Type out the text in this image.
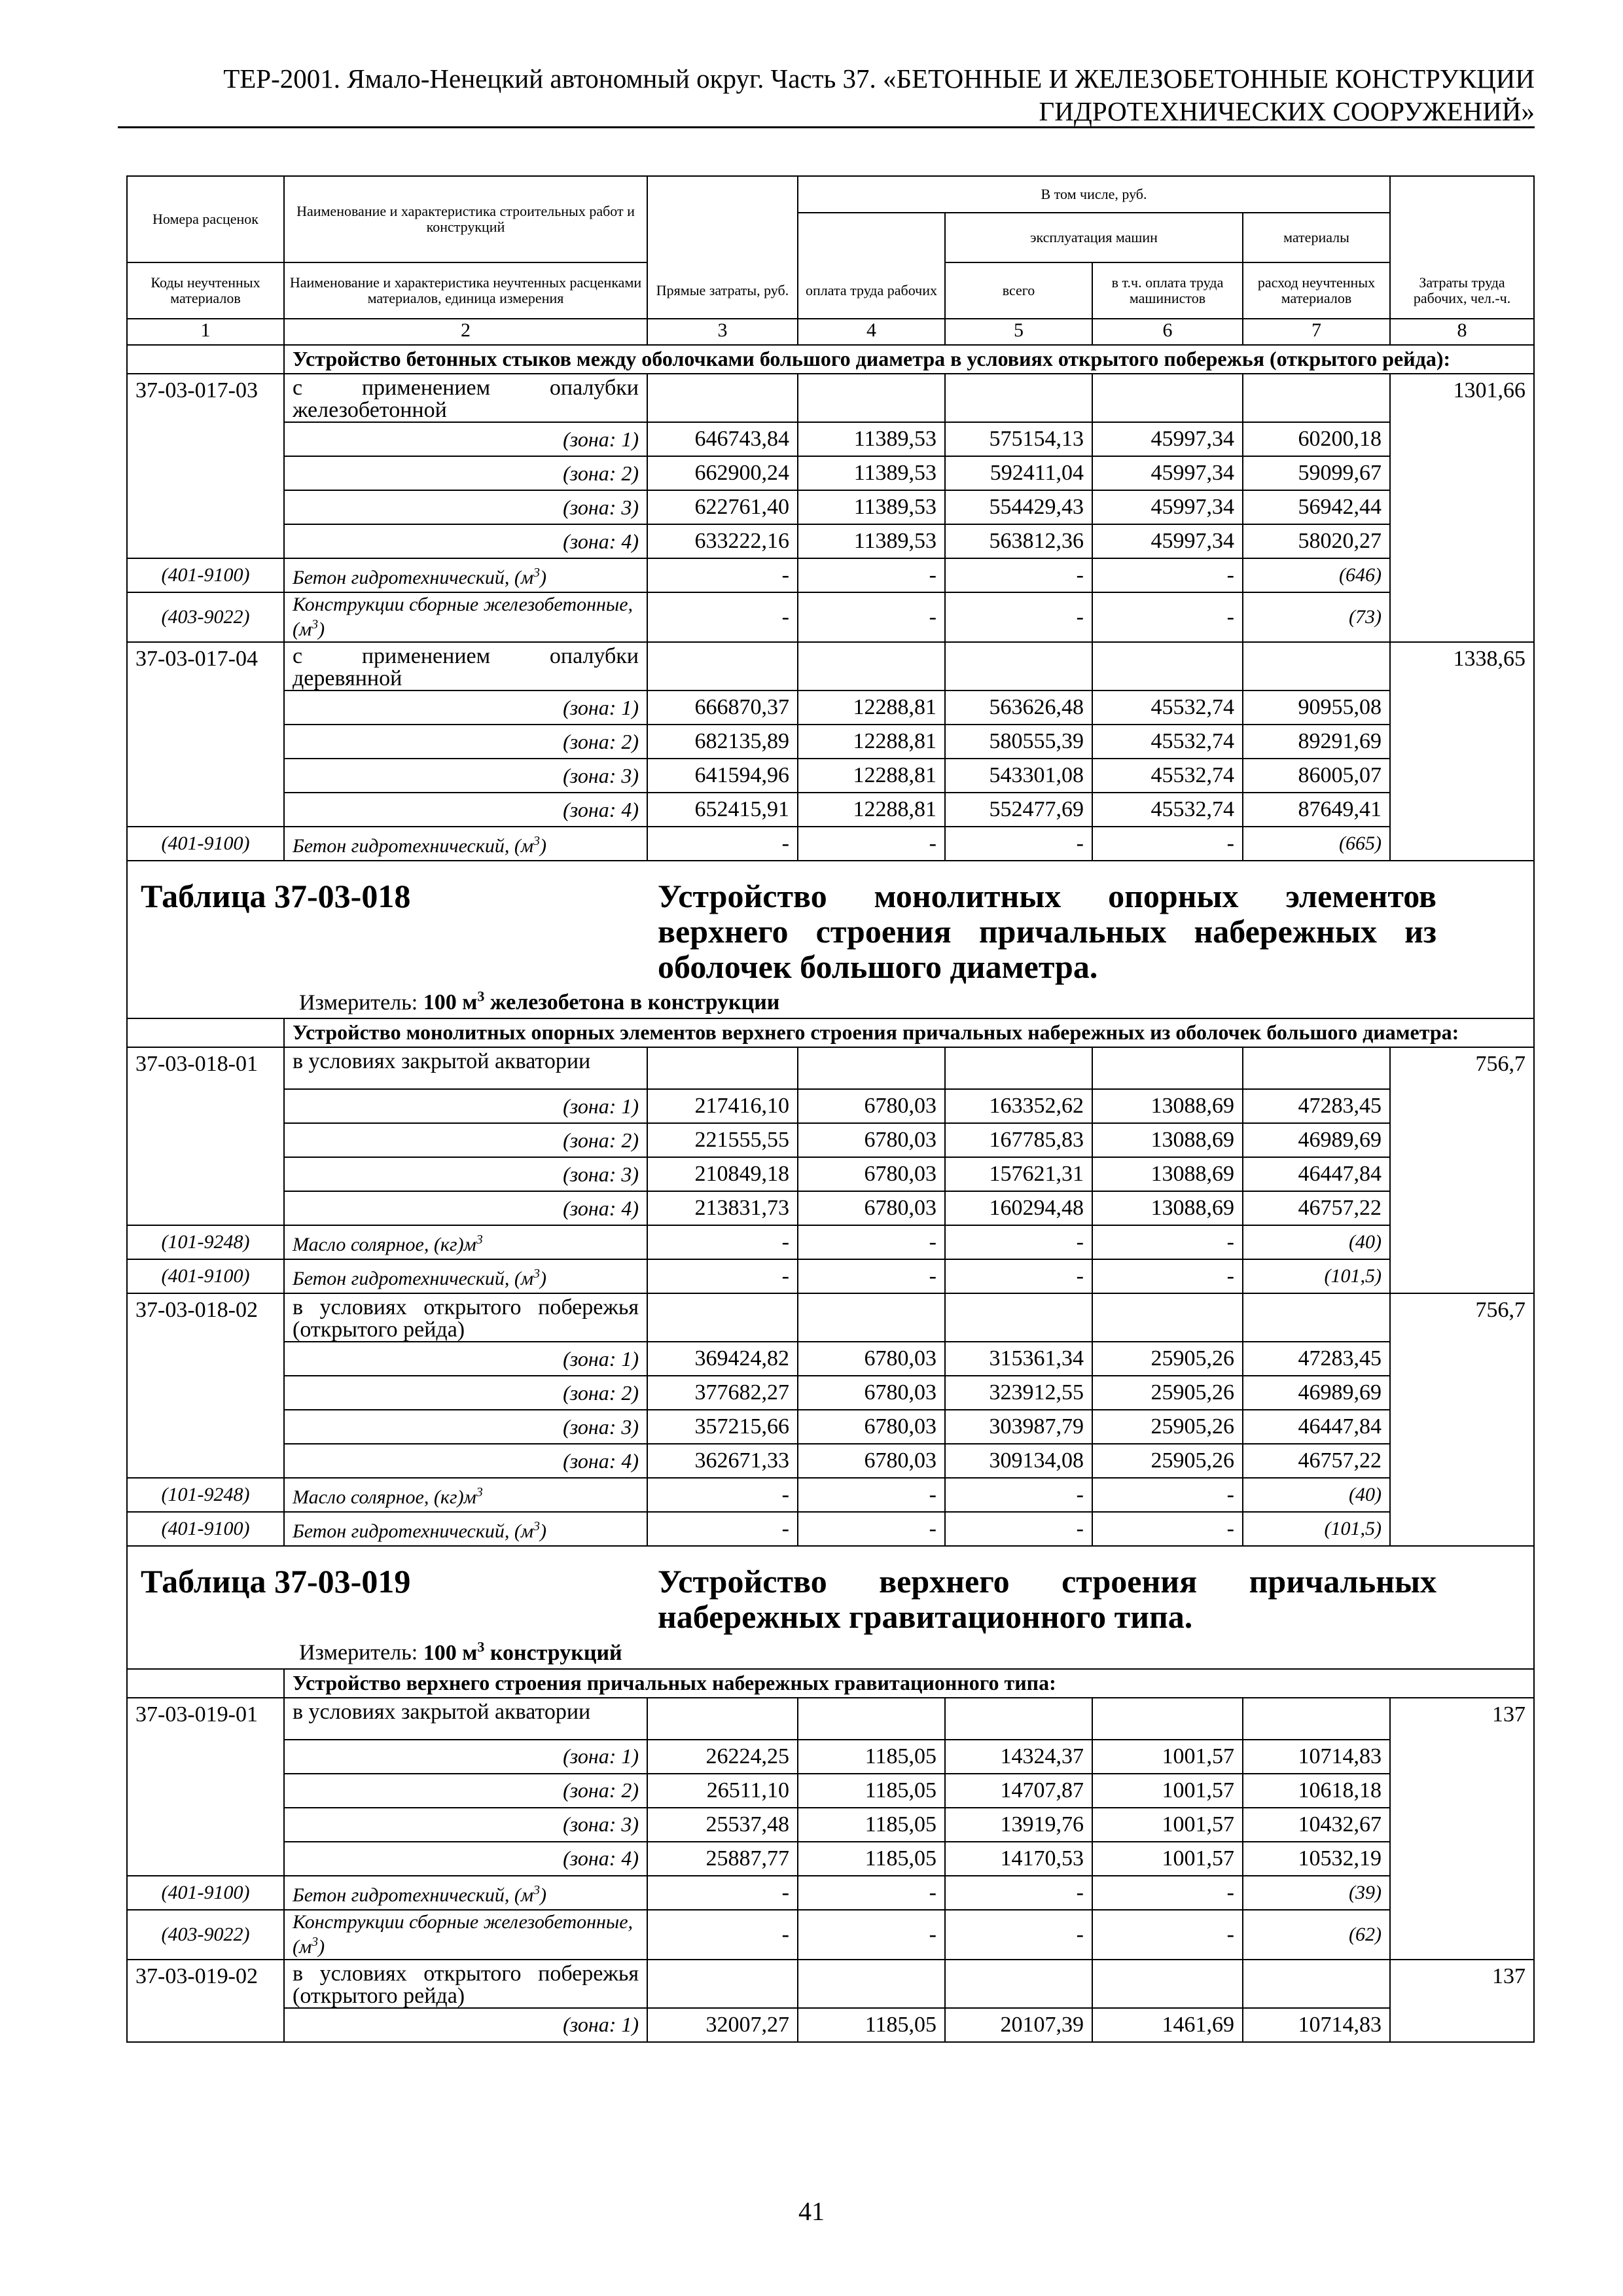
ТЕР-2001. Ямало-Ненецкий автономный округ. Часть 37. «БЕТОННЫЕ И ЖЕЛЕЗОБЕТОННЫЕ КОНСТРУКЦИИ
ГИДРОТЕХНИЧЕСКИХ СООРУЖЕНИЙ»
Номера расценок	Наименование и характеристика строительных работ и конструкций		В том числе, руб.				
				эксплуатация машин		материалы	
Коды неучтенных материалов	Наименование и характеристика неучтенных расценками материалов, единица измерения	Прямые затраты, руб.	оплата труда рабочих	всего	в т.ч. оплата труда машинистов	расход неучтенных материалов	Затраты труда рабочих, чел.-ч.
1	2	3	4	5	6	7	8
	Устройство бетонных стыков между оболочками большого диаметра в условиях открытого побережья (открытого рейда):						
37-03-017-03	с применением опалубки железобетонной						1301,66
	(зона: 1)	646743,84	11389,53	575154,13	45997,34	60200,18	
	(зона: 2)	662900,24	11389,53	592411,04	45997,34	59099,67	
	(зона: 3)	622761,40	11389,53	554429,43	45997,34	56942,44	
	(зона: 4)	633222,16	11389,53	563812,36	45997,34	58020,27	
(401-9100)	Бетон гидротехнический, $(м^3)$	-	-	-	-	(646)	
(403-9022)	Конструкции сборные железобетонные, $(м^3)$	-	-	-	-	(73)	
37-03-017-04	с применением опалубки деревянной						1338,65
	(зона: 1)	666870,37	12288,81	563626,48	45532,74	90955,08	
	(зона: 2)	682135,89	12288,81	580555,39	45532,74	89291,69	
	(зона: 3)	641594,96	12288,81	543301,08	45532,74	86005,07	
	(зона: 4)	652415,91	12288,81	552477,69	45532,74	87649,41	
(401-9100)	Бетон гидротехнический, $(м^3)$	-	-	-	-	(665)	

Таблица 37-03-018 Устройство монолитных опорных элементов верхнего строения причальных набережных из оболочек большого диаметра.
Измеритель: 100 $м^3$ железобетона в конструкции							

	Устройство монолитных опорных элементов верхнего строения причальных набережных из оболочек большого диаметра:						
37-03-018-01	в условиях закрытой акватории						756,7
	(зона: 1)	217416,10	6780,03	163352,62	13088,69	47283,45	
	(зона: 2)	221555,55	6780,03	167785,83	13088,69	46989,69	
	(зона: 3)	210849,18	6780,03	157621,31	13088,69	46447,84	
	(зона: 4)	213831,73	6780,03	160294,48	13088,69	46757,22	
(101-9248)	Масло солярное, $(кг)м^3$	-	-	-	-	(40)	
(401-9100)	Бетон гидротехнический, $(м^3)$	-	-	-	-	(101,5)	
37-03-018-02	в условиях открытого побережья (открытого рейда)						756,7
	(зона: 1)	369424,82	6780,03	315361,34	25905,26	47283,45	
	(зона: 2)	377682,27	6780,03	323912,55	25905,26	46989,69	
	(зона: 3)	357215,66	6780,03	303987,79	25905,26	46447,84	
	(зона: 4)	362671,33	6780,03	309134,08	25905,26	46757,22	
(101-9248)	Масло солярное, $(кг)м^3$	-	-	-	-	(40)	
(401-9100)	Бетон гидротехнический, $(м^3)$	-	-	-	-	(101,5)	

Таблица 37-03-019 Устройство верхнего строения причальных набережных гравитационного типа.
Измеритель: 100 $м^3$ конструкций							

	Устройство верхнего строения причальных набережных гравитационного типа:						
37-03-019-01	в условиях закрытой акватории						137
	(зона: 1)	26224,25	1185,05	14324,37	1001,57	10714,83	
	(зона: 2)	26511,10	1185,05	14707,87	1001,57	10618,18	
	(зона: 3)	25537,48	1185,05	13919,76	1001,57	10432,67	
	(зона: 4)	25887,77	1185,05	14170,53	1001,57	10532,19	
(401-9100)	Бетон гидротехнический, $(м^3)$	-	-	-	-	(39)	
(403-9022)	Конструкции сборные железобетонные, $(м^3)$	-	-	-	-	(62)	
37-03-019-02	в условиях открытого побережья (открытого рейда)						137
	(зона: 1)	32007,27	1185,05	20107,39	1461,69	10714,83	
41
